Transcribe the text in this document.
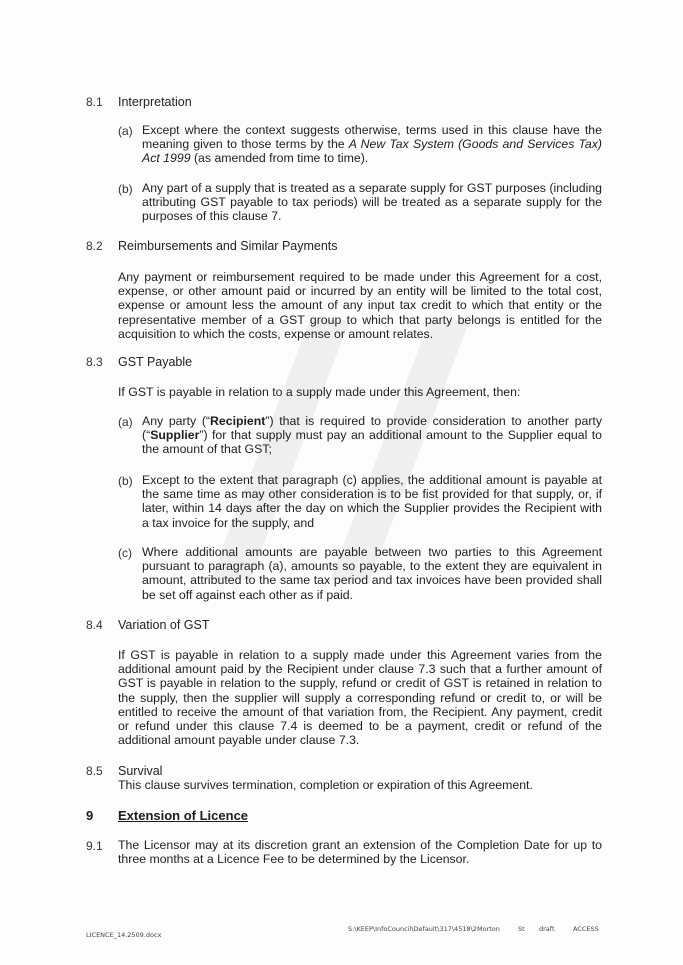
8.1 Interpretation
(a) Except where the context suggests otherwise, terms used in this clause have the meaning given to those terms by the A New Tax System (Goods and Services Tax) Act 1999 (as amended from time to time).
(b) Any part of a supply that is treated as a separate supply for GST purposes (including attributing GST payable to tax periods) will be treated as a separate supply for the purposes of this clause 7.
8.2 Reimbursements and Similar Payments
Any payment or reimbursement required to be made under this Agreement for a cost, expense, or other amount paid or incurred by an entity will be limited to the total cost, expense or amount less the amount of any input tax credit to which that entity or the representative member of a GST group to which that party belongs is entitled for the acquisition to which the costs, expense or amount relates.
8.3 GST Payable
If GST is payable in relation to a supply made under this Agreement, then:
(a) Any party (“Recipient”) that is required to provide consideration to another party (“Supplier”) for that supply must pay an additional amount to the Supplier equal to the amount of that GST;
(b) Except to the extent that paragraph (c) applies, the additional amount is payable at the same time as may other consideration is to be fist provided for that supply, or, if later, within 14 days after the day on which the Supplier provides the Recipient with a tax invoice for the supply, and
(c) Where additional amounts are payable between two parties to this Agreement pursuant to paragraph (a), amounts so payable, to the extent they are equivalent in amount, attributed to the same tax period and tax invoices have been provided shall be set off against each other as if paid.
8.4 Variation of GST
If GST is payable in relation to a supply made under this Agreement varies from the additional amount paid by the Recipient under clause 7.3 such that a further amount of GST is payable in relation to the supply, refund or credit of GST is retained in relation to the supply, then the supplier will supply a corresponding refund or credit to, or will be entitled to receive the amount of that variation from, the Recipient. Any payment, credit or refund under this clause 7.4 is deemed to be a payment, credit or refund of the additional amount payable under clause 7.3.
8.5 Survival
This clause survives termination, completion or expiration of this Agreement.
9 Extension of Licence
9.1 The Licensor may at its discretion grant an extension of the Completion Date for up to three months at a Licence Fee to be determined by the Licensor.
LICENCE_14.2509.docx
S:\KEEP\InfoCouncil\Default\317\4518\2 Morton	St draft	ACCESS
